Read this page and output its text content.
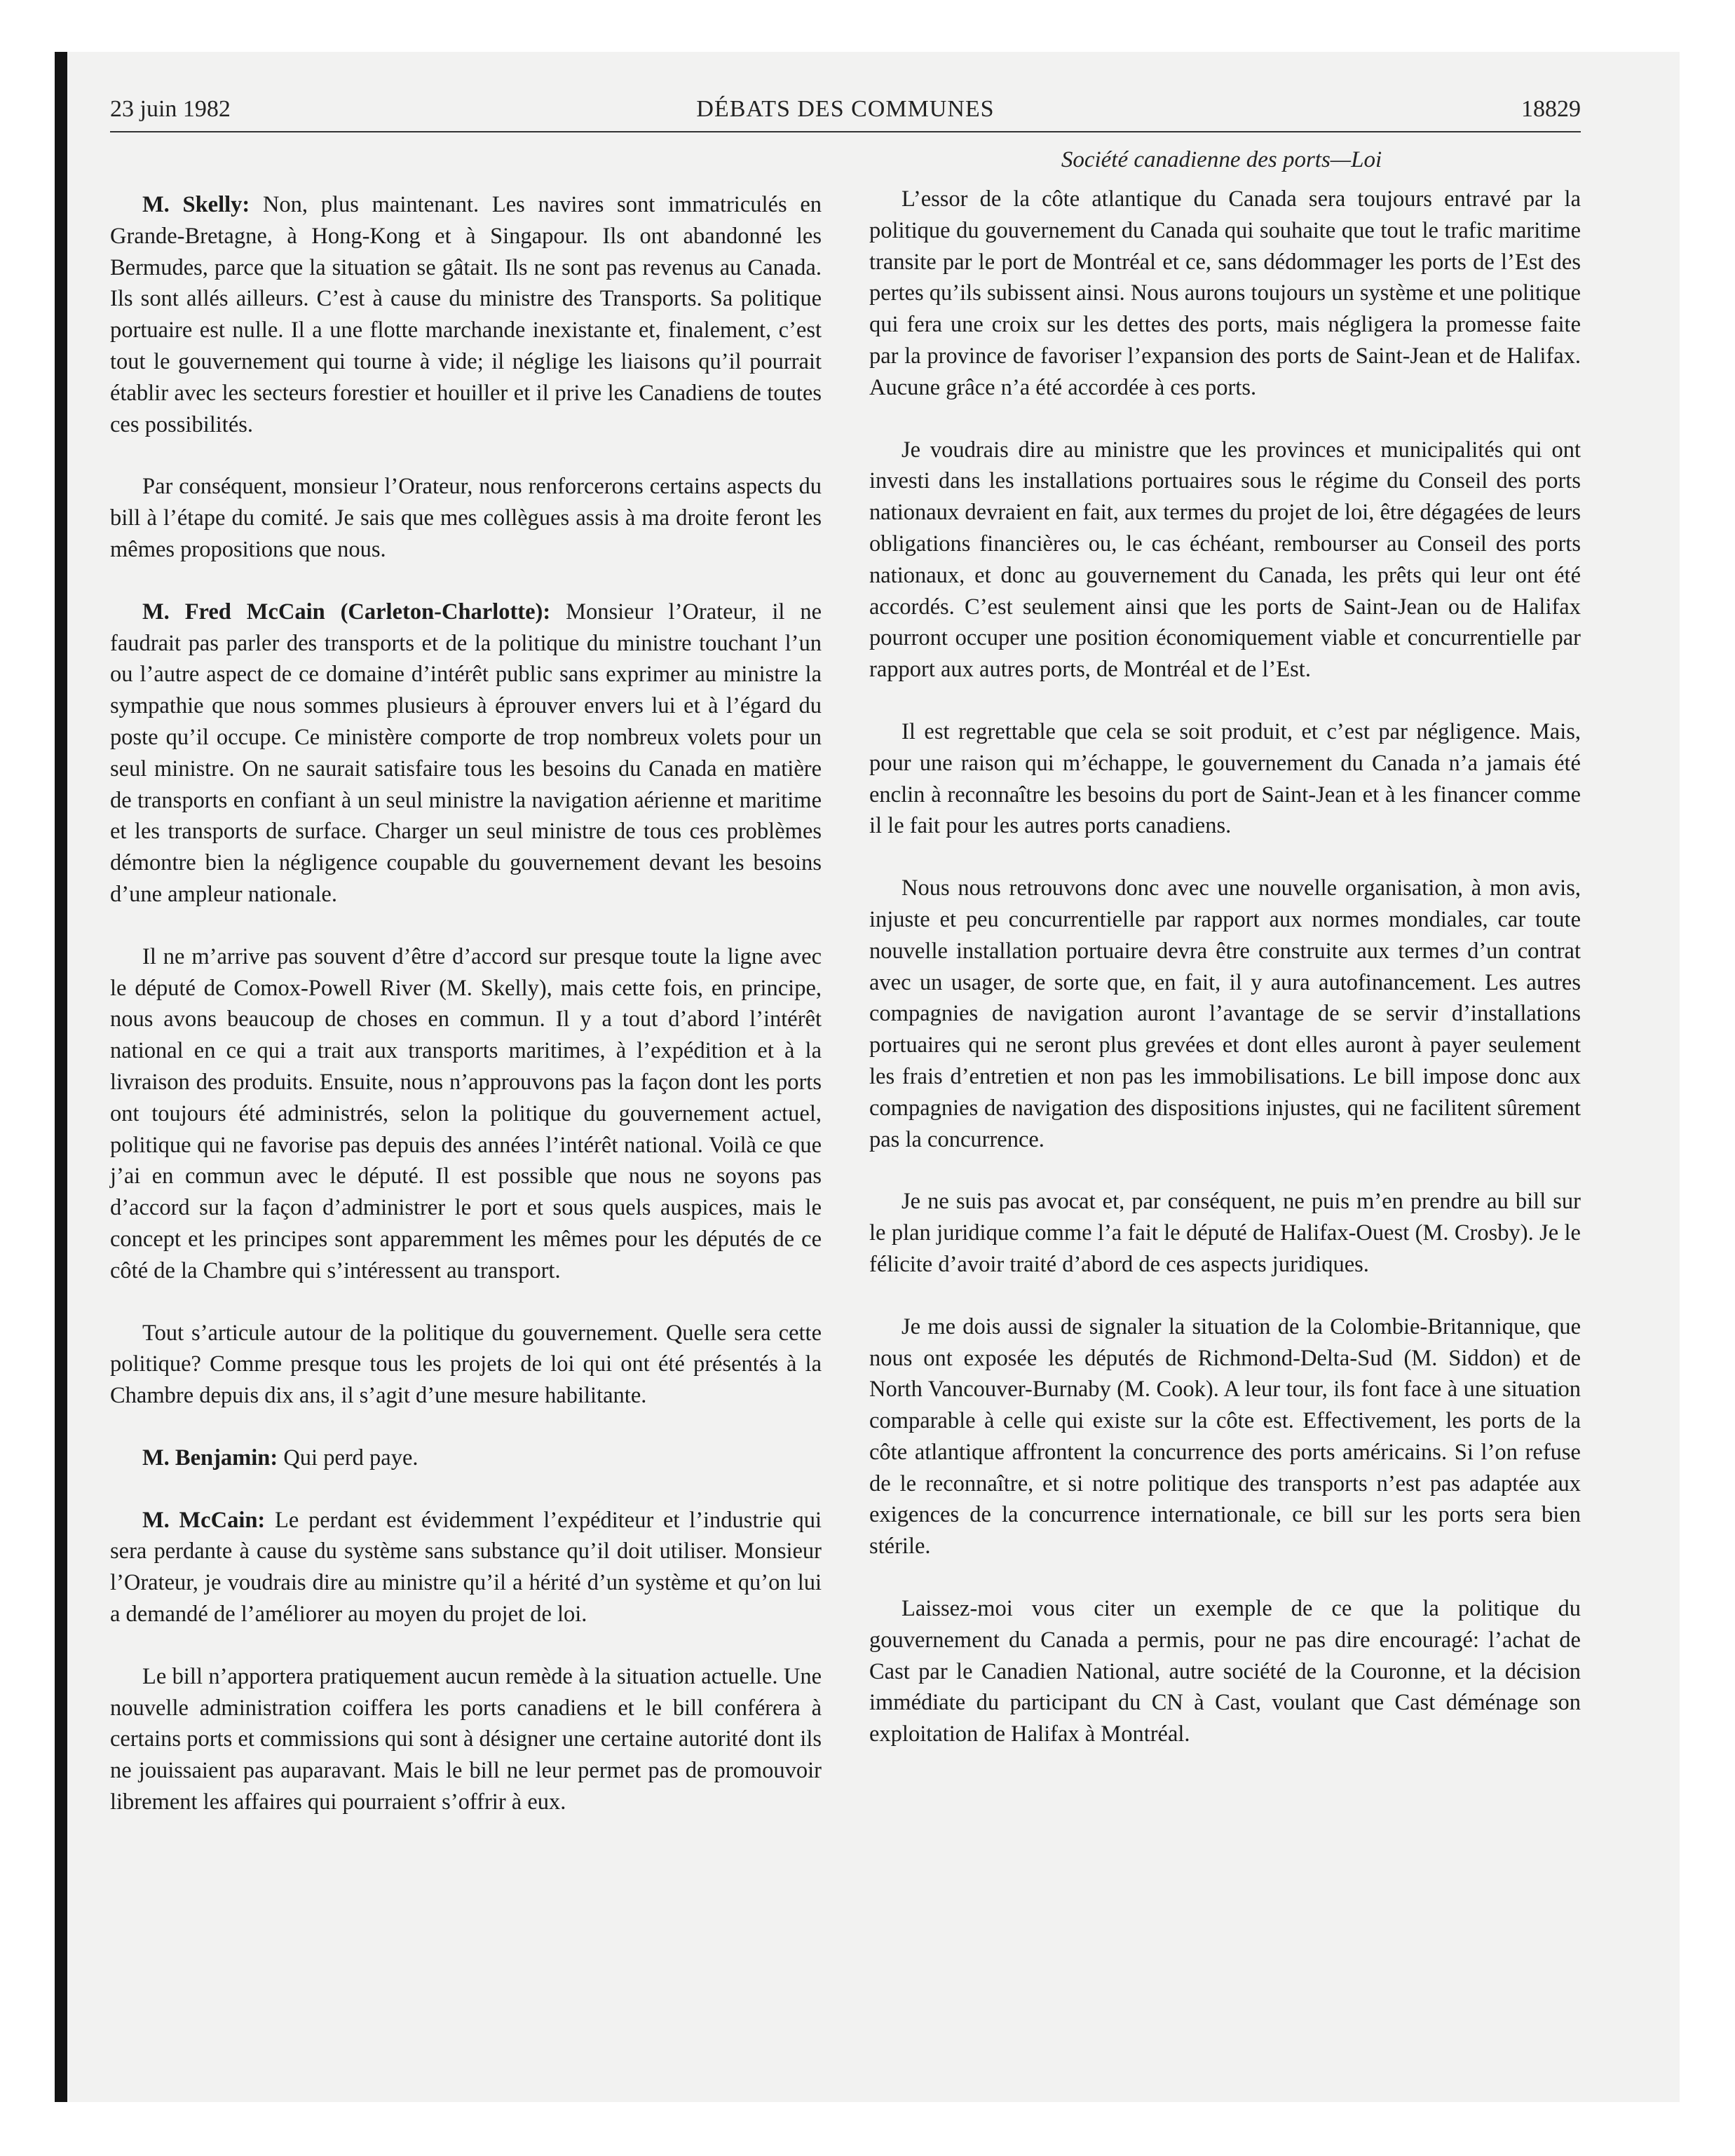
23 juin 1982	DÉBATS DES COMMUNES	18829
Société canadienne des ports—Loi

M. Skelly: Non, plus maintenant. Les navires sont immatriculés en Grande-Bretagne, à Hong-Kong et à Singapour. Ils ont abandonné les Bermudes, parce que la situation se gâtait. Ils ne sont pas revenus au Canada. Ils sont allés ailleurs. C’est à cause du ministre des Transports. Sa politique portuaire est nulle. Il a une flotte marchande inexistante et, finalement, c’est tout le gouvernement qui tourne à vide; il néglige les liaisons qu’il pourrait établir avec les secteurs forestier et houiller et il prive les Canadiens de toutes ces possibilités.

Par conséquent, monsieur l’Orateur, nous renforcerons certains aspects du bill à l’étape du comité. Je sais que mes collègues assis à ma droite feront les mêmes propositions que nous.

M. Fred McCain (Carleton-Charlotte): Monsieur l’Orateur, il ne faudrait pas parler des transports et de la politique du ministre touchant l’un ou l’autre aspect de ce domaine d’intérêt public sans exprimer au ministre la sympathie que nous sommes plusieurs à éprouver envers lui et à l’égard du poste qu’il occupe. Ce ministère comporte de trop nombreux volets pour un seul ministre. On ne saurait satisfaire tous les besoins du Canada en matière de transports en confiant à un seul ministre la navigation aérienne et maritime et les transports de surface. Charger un seul ministre de tous ces problèmes démontre bien la négligence coupable du gouvernement devant les besoins d’une ampleur nationale.

Il ne m’arrive pas souvent d’être d’accord sur presque toute la ligne avec le député de Comox-Powell River (M. Skelly), mais cette fois, en principe, nous avons beaucoup de choses en commun. Il y a tout d’abord l’intérêt national en ce qui a trait aux transports maritimes, à l’expédition et à la livraison des produits. Ensuite, nous n’approuvons pas la façon dont les ports ont toujours été administrés, selon la politique du gouvernement actuel, politique qui ne favorise pas depuis des années l’intérêt national. Voilà ce que j’ai en commun avec le député. Il est possible que nous ne soyons pas d’accord sur la façon d’administrer le port et sous quels auspices, mais le concept et les principes sont apparemment les mêmes pour les députés de ce côté de la Chambre qui s’intéressent au transport.

Tout s’articule autour de la politique du gouvernement. Quelle sera cette politique? Comme presque tous les projets de loi qui ont été présentés à la Chambre depuis dix ans, il s’agit d’une mesure habilitante.

M. Benjamin: Qui perd paye.

M. McCain: Le perdant est évidemment l’expéditeur et l’industrie qui sera perdante à cause du système sans substance qu’il doit utiliser. Monsieur l’Orateur, je voudrais dire au ministre qu’il a hérité d’un système et qu’on lui a demandé de l’améliorer au moyen du projet de loi.

Le bill n’apportera pratiquement aucun remède à la situation actuelle. Une nouvelle administration coiffera les ports canadiens et le bill conférera à certains ports et commissions qui sont à désigner une certaine autorité dont ils ne jouissaient pas auparavant. Mais le bill ne leur permet pas de promouvoir librement les affaires qui pourraient s’offrir à eux.

L’essor de la côte atlantique du Canada sera toujours entravé par la politique du gouvernement du Canada qui souhaite que tout le trafic maritime transite par le port de Montréal et ce, sans dédommager les ports de l’Est des pertes qu’ils subissent ainsi. Nous aurons toujours un système et une politique qui fera une croix sur les dettes des ports, mais négligera la promesse faite par la province de favoriser l’expansion des ports de Saint-Jean et de Halifax. Aucune grâce n’a été accordée à ces ports.

Je voudrais dire au ministre que les provinces et municipalités qui ont investi dans les installations portuaires sous le régime du Conseil des ports nationaux devraient en fait, aux termes du projet de loi, être dégagées de leurs obligations financières ou, le cas échéant, rembourser au Conseil des ports nationaux, et donc au gouvernement du Canada, les prêts qui leur ont été accordés. C’est seulement ainsi que les ports de Saint-Jean ou de Halifax pourront occuper une position économiquement viable et concurrentielle par rapport aux autres ports, de Montréal et de l’Est.

Il est regrettable que cela se soit produit, et c’est par négligence. Mais, pour une raison qui m’échappe, le gouvernement du Canada n’a jamais été enclin à reconnaître les besoins du port de Saint-Jean et à les financer comme il le fait pour les autres ports canadiens.

Nous nous retrouvons donc avec une nouvelle organisation, à mon avis, injuste et peu concurrentielle par rapport aux normes mondiales, car toute nouvelle installation portuaire devra être construite aux termes d’un contrat avec un usager, de sorte que, en fait, il y aura autofinancement. Les autres compagnies de navigation auront l’avantage de se servir d’installations portuaires qui ne seront plus grevées et dont elles auront à payer seulement les frais d’entretien et non pas les immobilisations. Le bill impose donc aux compagnies de navigation des dispositions injustes, qui ne facilitent sûrement pas la concurrence.

Je ne suis pas avocat et, par conséquent, ne puis m’en prendre au bill sur le plan juridique comme l’a fait le député de Halifax-Ouest (M. Crosby). Je le félicite d’avoir traité d’abord de ces aspects juridiques.

Je me dois aussi de signaler la situation de la Colombie-Britannique, que nous ont exposée les députés de Richmond-Delta-Sud (M. Siddon) et de North Vancouver-Burnaby (M. Cook). A leur tour, ils font face à une situation comparable à celle qui existe sur la côte est. Effectivement, les ports de la côte atlantique affrontent la concurrence des ports américains. Si l’on refuse de le reconnaître, et si notre politique des transports n’est pas adaptée aux exigences de la concurrence internationale, ce bill sur les ports sera bien stérile.

Laissez-moi vous citer un exemple de ce que la politique du gouvernement du Canada a permis, pour ne pas dire encouragé: l’achat de Cast par le Canadien National, autre société de la Couronne, et la décision immédiate du participant du CN à Cast, voulant que Cast déménage son exploitation de Halifax à Montréal.
